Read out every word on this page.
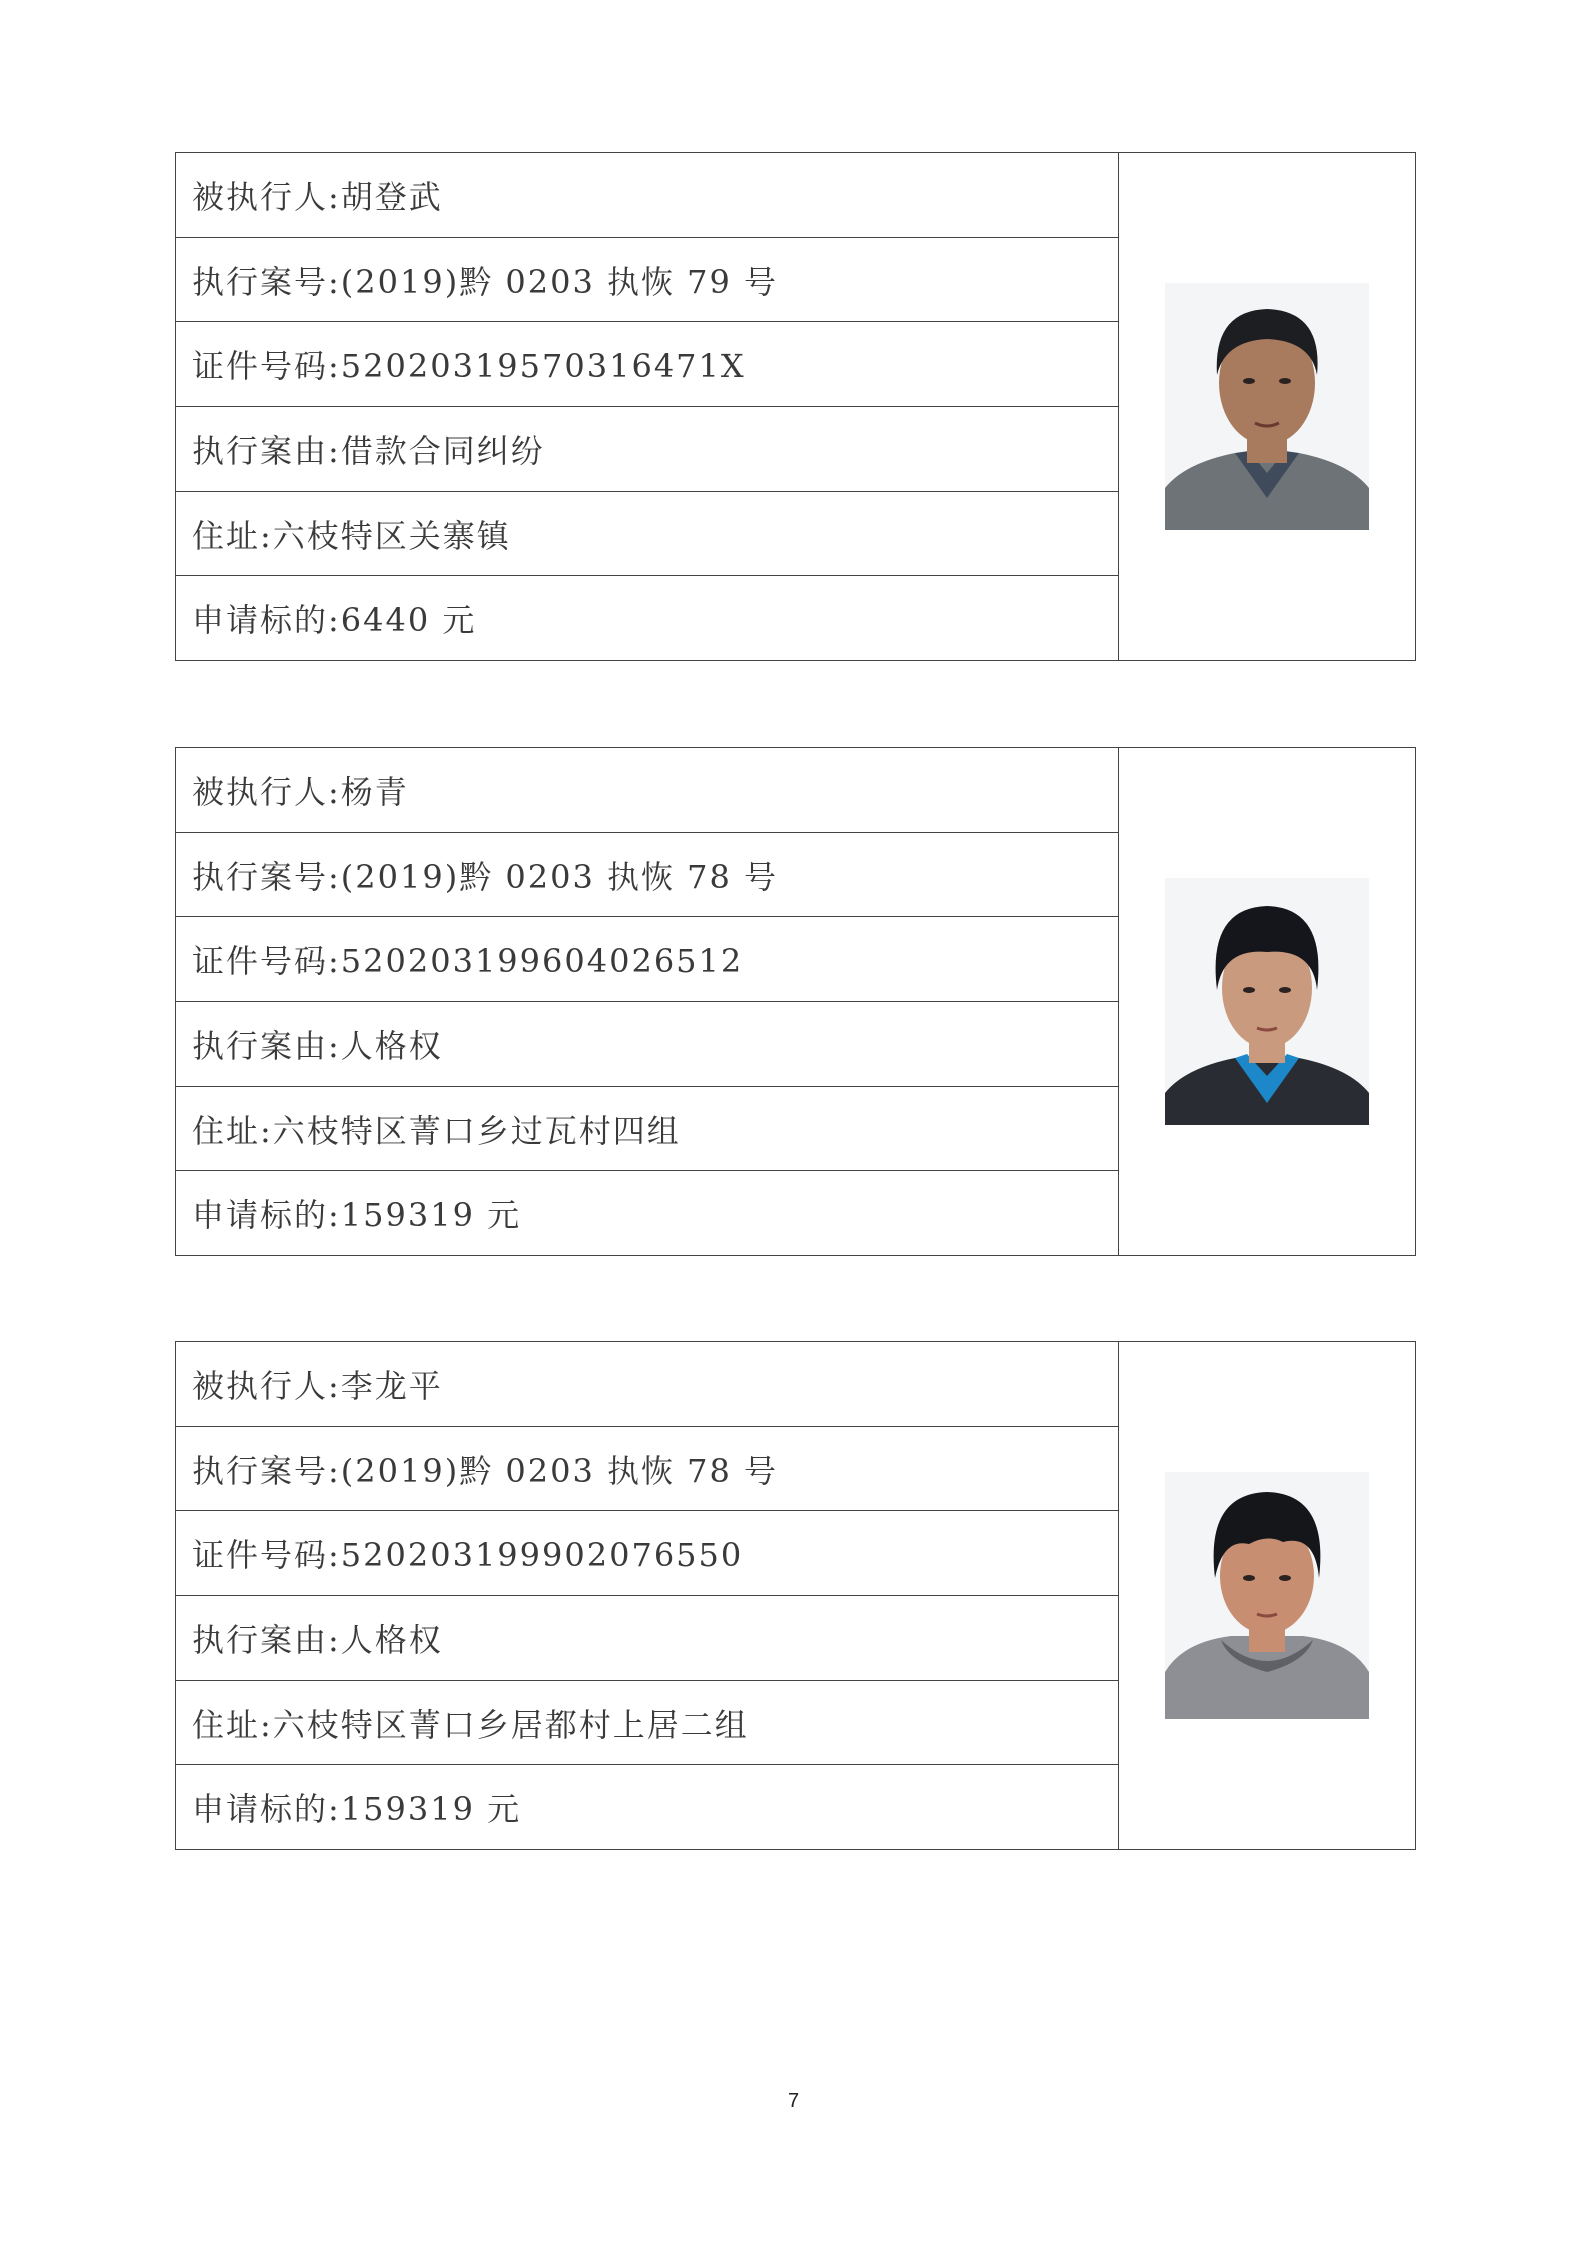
被执行人:胡登武
执行案号:(2019)黔 0203 执恢 79 号
证件号码:52020319570316471X
执行案由:借款合同纠纷
住址:六枝特区关寨镇
申请标的:6440 元
被执行人:杨青
执行案号:(2019)黔 0203 执恢 78 号
证件号码:520203199604026512
执行案由:人格权
住址:六枝特区菁口乡过瓦村四组
申请标的:159319 元
被执行人:李龙平
执行案号:(2019)黔 0203 执恢 78 号
证件号码:520203199902076550
执行案由:人格权
住址:六枝特区菁口乡居都村上居二组
申请标的:159319 元
7
